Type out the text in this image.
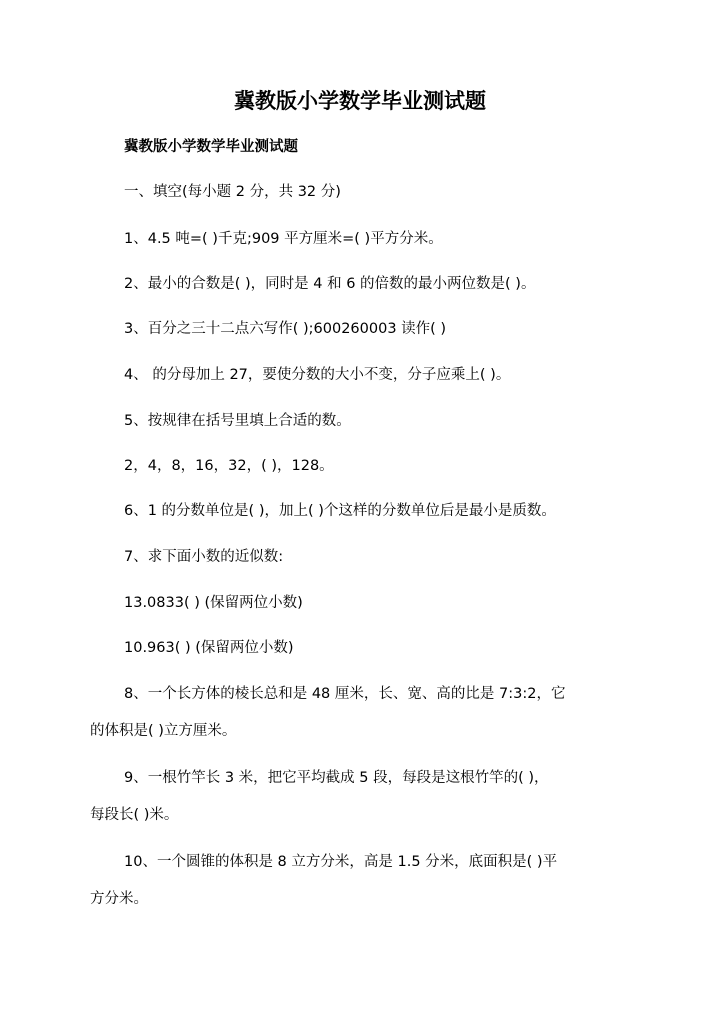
冀教版小学数学毕业测试题
冀教版小学数学毕业测试题
一、填空(每小题 2 分，共 32 分)
1、4.5 吨=( )千克;909 平方厘米=( )平方分米。
2、最小的合数是( )，同时是 4 和 6 的倍数的最小两位数是( )。
3、百分之三十二点六写作( );600260003 读作( )
4、 的分母加上 27，要使分数的大小不变，分子应乘上( )。
5、按规律在括号里填上合适的数。
2，4，8，16，32，( )，128。
6、1 的分数单位是( )，加上( )个这样的分数单位后是最小是质数。
7、求下面小数的近似数:
13.0833( ) (保留两位小数)
10.963( ) (保留两位小数)
8、一个长方体的棱长总和是 48 厘米，长、宽、高的比是 7:3:2，它
的体积是( )立方厘米。
9、一根竹竿长 3 米，把它平均截成 5 段，每段是这根竹竿的( )，
每段长( )米。
10、一个圆锥的体积是 8 立方分米，高是 1.5 分米，底面积是( )平
方分米。
